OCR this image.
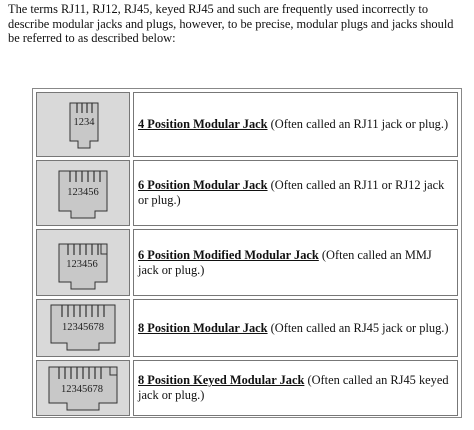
The terms RJ11, RJ12, RJ45, keyed RJ45 and such are frequently used incorrectly to describe modular jacks and plugs, however, to be precise, modular plugs and jacks should be referred to as described below:
1234	4 Position Modular Jack (Often called an RJ11 jack or plug.)
123456
6 Position Modular Jack (Often called an RJ11 or RJ12 jack or plug.)
123456
6 Position Modified Modular Jack (Often called an MMJ jack or plug.)
12345678	8 Position Modular Jack (Often called an RJ45 jack or plug.)
12345678
8 Position Keyed Modular Jack (Often called an RJ45 keyed jack or plug.)
